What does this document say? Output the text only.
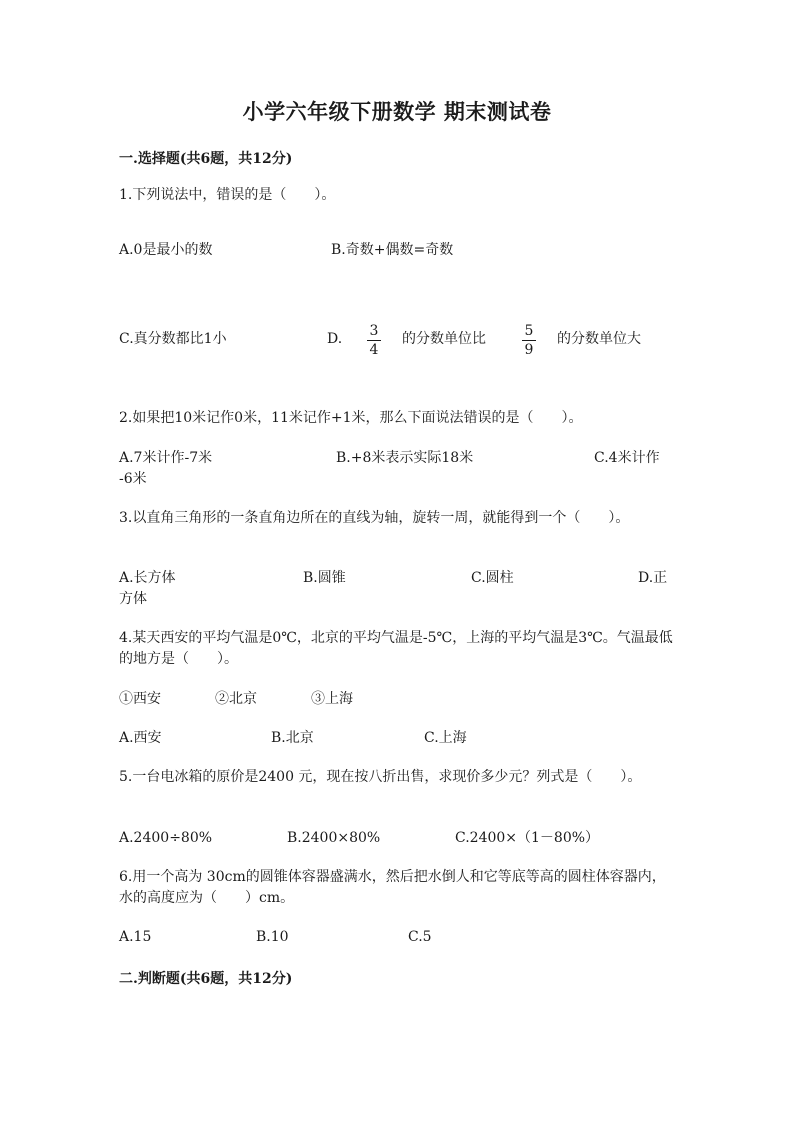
小学六年级下册数学 期末测试卷
一.选择题(共6题，共12分)
1.下列说法中，错误的是（　　）。
A.0是最小的数	B.奇数+偶数=奇数
C.真分数都比1小	D. 3
4
的分数单位比	5
9
的分数单位大
2.如果把10米记作0米，11米记作+1米，那么下面说法错误的是（　　）。
A.7米计作-7米	B.+8米表示实际18米	C.4米计作
-6米
3.以直角三角形的一条直角边所在的直线为轴，旋转一周，就能得到一个（　　）。
A.长方体	B.圆锥	C.圆柱	D.正
方体
4.某天西安的平均气温是0℃，北京的平均气温是-5℃，上海的平均气温是3℃。气温最低的地方是（　　）。
①西安	②北京	③上海
A.西安	B.北京	C.上海
5.一台电冰箱的原价是2400 元，现在按八折出售，求现价多少元？列式是（　　）。
A.2400÷80%	B.2400×80%	C.2400×（1－80%）
6.用一个高为 30cm的圆锥体容器盛满水，然后把水倒人和它等底等高的圆柱体容器内，水的高度应为（　　）cm。
A.15	B.10	C.5
二.判断题(共6题，共12分)
